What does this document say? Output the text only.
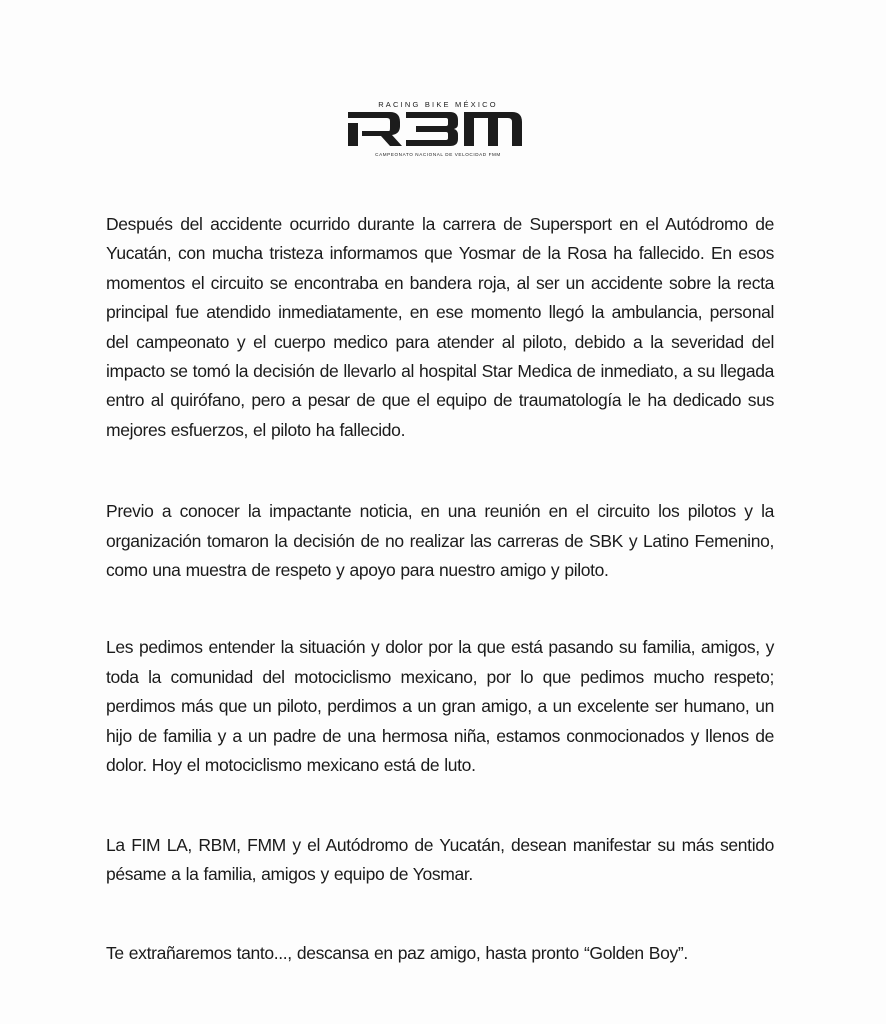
RACING BIKE MÉXICO
CAMPEONATO NACIONAL DE VELOCIDAD FMM

Después del accidente ocurrido durante la carrera de Supersport en el Autódromo de Yucatán, con mucha tristeza informamos que Yosmar de la Rosa ha fallecido. En esos momentos el circuito se encontraba en bandera roja, al ser un accidente sobre la recta principal fue atendido inmediatamente, en ese momento llegó la ambulancia, personal del campeonato y el cuerpo medico para atender al piloto, debido a la severidad del impacto se tomó la decisión de llevarlo al hospital Star Medica de inmediato, a su llegada entro al quirófano, pero a pesar de que el equipo de traumatología le ha dedicado sus mejores esfuerzos, el piloto ha fallecido.

Previo a conocer la impactante noticia, en una reunión en el circuito los pilotos y la organización tomaron la decisión de no realizar las carreras de SBK y Latino Femenino, como una muestra de respeto y apoyo para nuestro amigo y piloto.

Les pedimos entender la situación y dolor por la que está pasando su familia, amigos, y toda la comunidad del motociclismo mexicano, por lo que pedimos mucho respeto; perdimos más que un piloto, perdimos a un gran amigo, a un excelente ser humano, un hijo de familia y a un padre de una hermosa niña, estamos conmocionados y llenos de dolor. Hoy el motociclismo mexicano está de luto.

La FIM LA, RBM, FMM y el Autódromo de Yucatán, desean manifestar su más sentido pésame a la familia, amigos y equipo de Yosmar.

Te extrañaremos tanto..., descansa en paz amigo, hasta pronto “Golden Boy”.
